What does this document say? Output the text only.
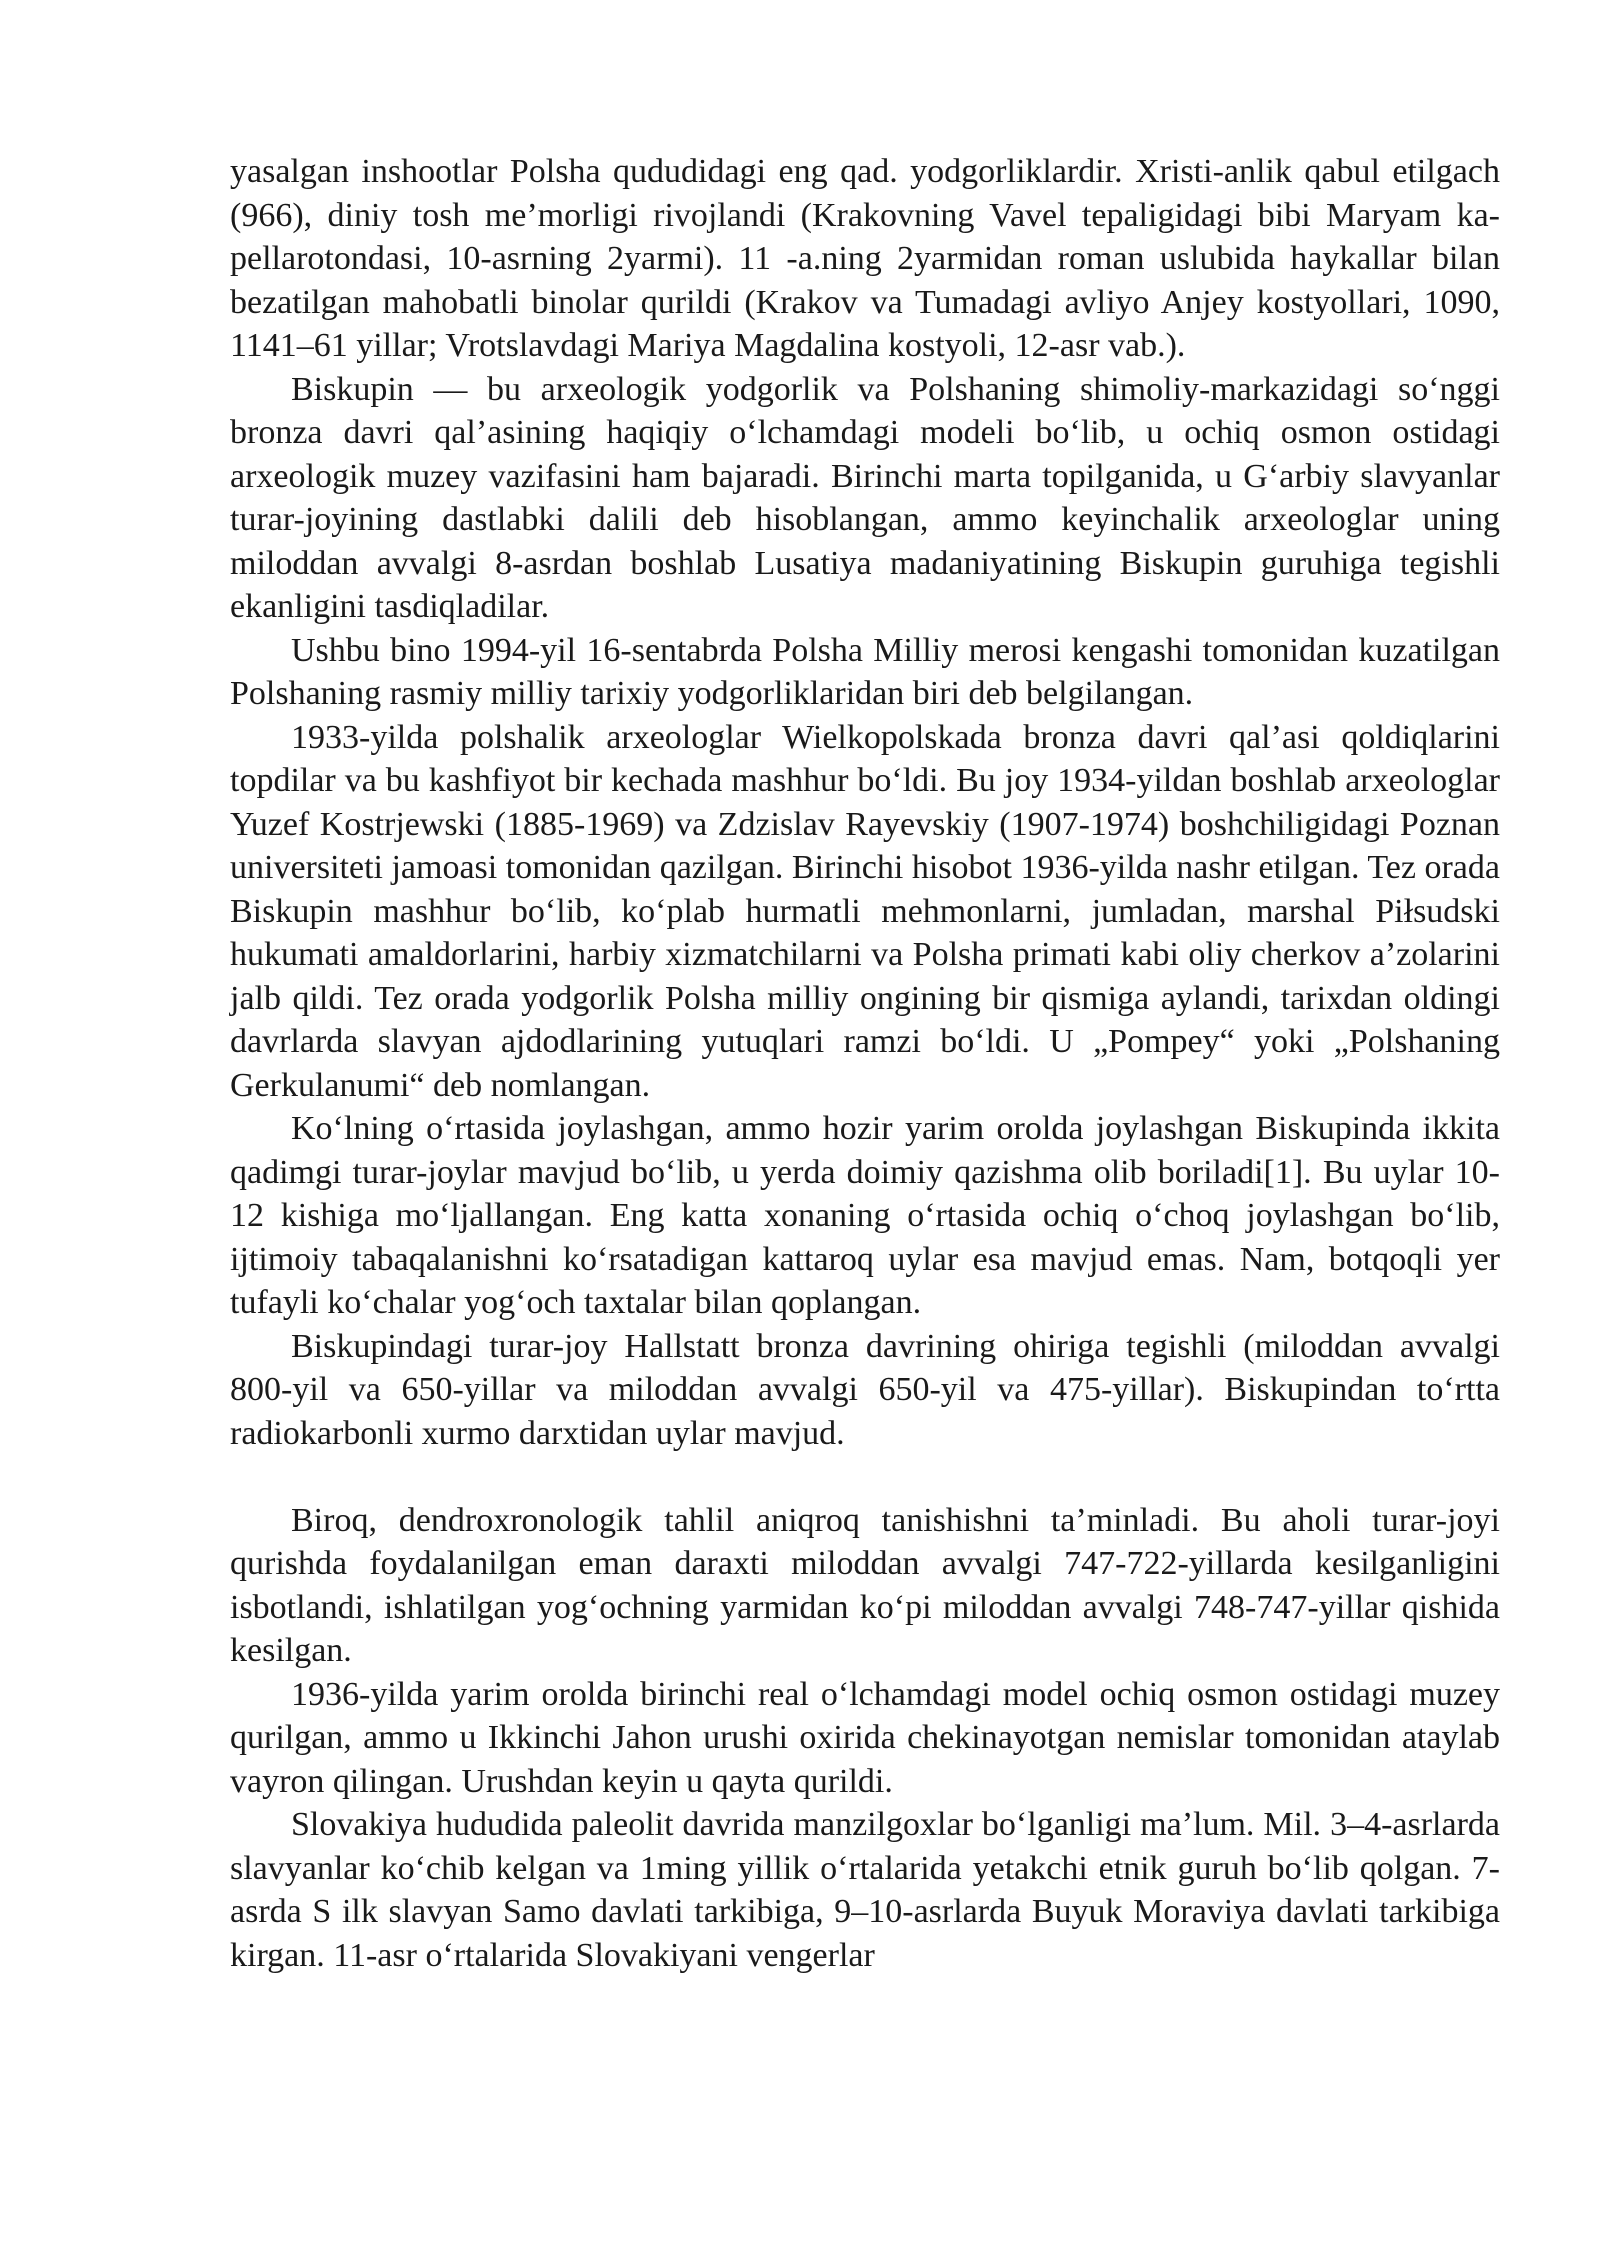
yasalgan inshootlar Polsha qududidagi eng qad. yodgorliklardir. Xristi-anlik qabul etilgach (966), diniy tosh me’morligi rivojlandi (Krakovning Vavel tepaligidagi bibi Maryam ka-pellarotondasi, 10-asrning 2yarmi). 11 -a.ning 2yarmidan roman uslubida haykallar bilan bezatilgan mahobatli binolar qurildi (Krakov va Tumadagi avliyo Anjey kostyollari, 1090, 1141–61 yillar; Vrotslavdagi Mariya Magdalina kostyoli, 12-asr vab.).

Biskupin — bu arxeologik yodgorlik va Polshaning shimoliy-markazidagi so‘nggi bronza davri qal’asining haqiqiy o‘lchamdagi modeli bo‘lib, u ochiq osmon ostidagi arxeologik muzey vazifasini ham bajaradi. Birinchi marta topilganida, u G‘arbiy slavyanlar turar-joyining dastlabki dalili deb hisoblangan, ammo keyinchalik arxeologlar uning miloddan avvalgi 8-asrdan boshlab Lusatiya madaniyatining Biskupin guruhiga tegishli ekanligini tasdiqladilar.

Ushbu bino 1994-yil 16-sentabrda Polsha Milliy merosi kengashi tomonidan kuzatilgan Polshaning rasmiy milliy tarixiy yodgorliklaridan biri deb belgilangan.

1933-yilda polshalik arxeologlar Wielkopolskada bronza davri qal’asi qoldiqlarini topdilar va bu kashfiyot bir kechada mashhur bo‘ldi. Bu joy 1934-yildan boshlab arxeologlar Yuzef Kostrjewski (1885-1969) va Zdzislav Rayevskiy (1907-1974) boshchiligidagi Poznan universiteti jamoasi tomonidan qazilgan. Birinchi hisobot 1936-yilda nashr etilgan. Tez orada Biskupin mashhur bo‘lib, ko‘plab hurmatli mehmonlarni, jumladan, marshal Piłsudski hukumati amaldorlarini, harbiy xizmatchilarni va Polsha primati kabi oliy cherkov a’zolarini jalb qildi. Tez orada yodgorlik Polsha milliy ongining bir qismiga aylandi, tarixdan oldingi davrlarda slavyan ajdodlarining yutuqlari ramzi bo‘ldi. U „Pompey“ yoki „Polshaning Gerkulanumi“ deb nomlangan.

Ko‘lning o‘rtasida joylashgan, ammo hozir yarim orolda joylashgan Biskupinda ikkita qadimgi turar-joylar mavjud bo‘lib, u yerda doimiy qazishma olib boriladi[1]. Bu uylar 10-12 kishiga mo‘ljallangan. Eng katta xonaning o‘rtasida ochiq o‘choq joylashgan bo‘lib, ijtimoiy tabaqalanishni ko‘rsatadigan kattaroq uylar esa mavjud emas. Nam, botqoqli yer tufayli ko‘chalar yog‘och taxtalar bilan qoplangan.

Biskupindagi turar-joy Hallstatt bronza davrining ohiriga tegishli (miloddan avvalgi 800-yil va 650-yillar va miloddan avvalgi 650-yil va 475-yillar). Biskupindan to‘rtta radiokarbonli xurmo darxtidan uylar mavjud.

Biroq, dendroxronologik tahlil aniqroq tanishishni ta’minladi. Bu aholi turar-joyi qurishda foydalanilgan eman daraxti miloddan avvalgi 747-722-yillarda kesilganligini isbotlandi, ishlatilgan yog‘ochning yarmidan ko‘pi miloddan avvalgi 748-747-yillar qishida kesilgan.

1936-yilda yarim orolda birinchi real o‘lchamdagi model ochiq osmon ostidagi muzey qurilgan, ammo u Ikkinchi Jahon urushi oxirida chekinayotgan nemislar tomonidan ataylab vayron qilingan. Urushdan keyin u qayta qurildi.

Slovakiya hududida paleolit davrida manzilgoxlar bo‘lganligi ma’lum. Mil. 3–4-asrlarda slavyanlar ko‘chib kelgan va 1ming yillik o‘rtalarida yetakchi etnik guruh bo‘lib qolgan. 7-asrda S ilk slavyan Samo davlati tarkibiga, 9–10-asrlarda Buyuk Moraviya davlati tarkibiga kirgan. 11-asr o‘rtalarida Slovakiyani vengerlar
